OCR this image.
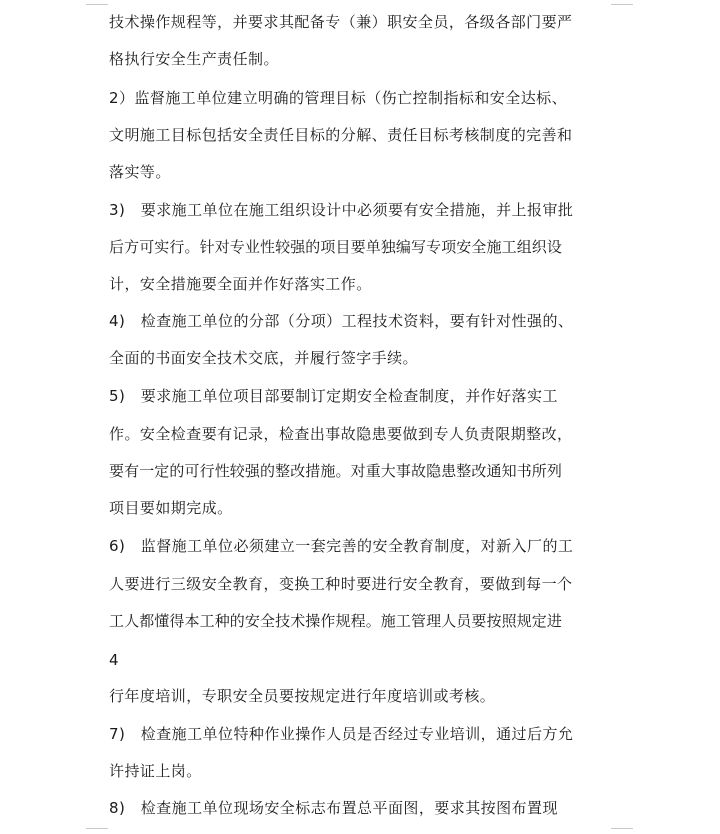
技术操作规程等，并要求其配备专（兼）职安全员，各级各部门要严
格执行安全生产责任制。
2）监督施工单位建立明确的管理目标（伤亡控制指标和安全达标、
文明施工目标包括安全责任目标的分解、责任目标考核制度的完善和
落实等。
3)　要求施工单位在施工组织设计中必须要有安全措施，并上报审批
后方可实行。针对专业性较强的项目要单独编写专项安全施工组织设
计，安全措施要全面并作好落实工作。
4)　检查施工单位的分部（分项）工程技术资料，要有针对性强的、
全面的书面安全技术交底，并履行签字手续。
5)　要求施工单位项目部要制订定期安全检查制度，并作好落实工
作。安全检查要有记录，检查出事故隐患要做到专人负责限期整改，
要有一定的可行性较强的整改措施。对重大事故隐患整改通知书所列
项目要如期完成。
6)　监督施工单位必须建立一套完善的安全教育制度，对新入厂的工
人要进行三级安全教育，变换工种时要进行安全教育，要做到每一个
工人都懂得本工种的安全技术操作规程。施工管理人员要按照规定进
4
行年度培训，专职安全员要按规定进行年度培训或考核。
7)　检查施工单位特种作业操作人员是否经过专业培训，通过后方允
许持证上岗。
8)　检查施工单位现场安全标志布置总平面图，要求其按图布置现
